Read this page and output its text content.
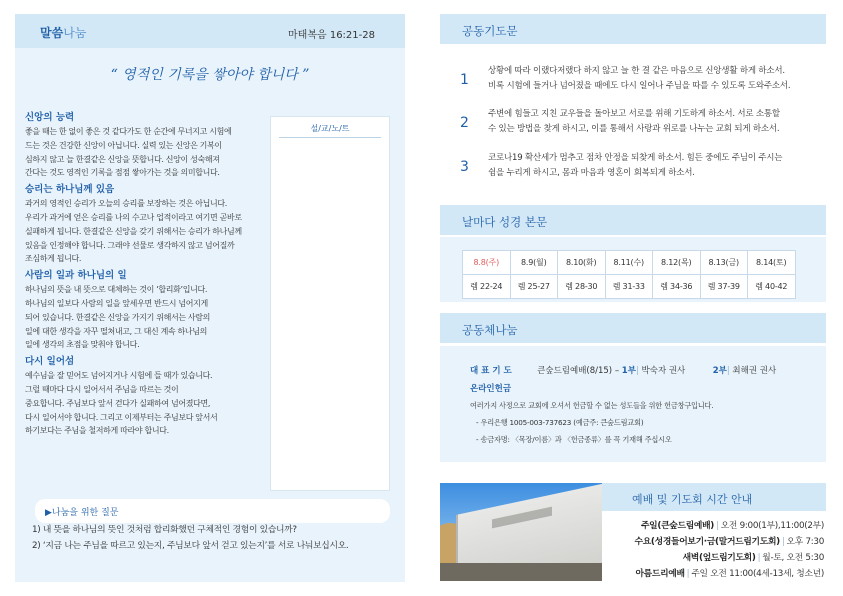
말씀나눔	마태복음 16:21-28
“ 영적인 기록을 쌓아야 합니다 ”
설/교/노/트
▶나눔을 위한 질문
신앙의 능력
좋을 때는 한 없이 좋은 것 같다가도 한 순간에 무너지고 시험에
드는 것은 건강한 신앙이 아닙니다. 실력 있는 신앙은 기복이
심하지 않고 늘 한결같은 신앙을 뜻합니다. 신앙이 성숙해져
간다는 것도 영적인 기록을 점점 쌓아가는 것을 의미합니다.
승리는 하나님께 있음
과거의 영적인 승리가 오늘의 승리를 보장하는 것은 아닙니다.
우리가 과거에 얻은 승리를 나의 수고나 업적이라고 여기면 곧바로
실패하게 됩니다. 한결같은 신앙을 갖기 위해서는 승리가 하나님께
있음을 인정해야 합니다. 그래야 선물로 생각하지 않고 넘어질까
조심하게 됩니다.
사람의 일과 하나님의 일
하나님의 뜻을 내 뜻으로 대체하는 것이 ‘합리화’입니다.
하나님의 일보다 사람의 일을 앞세우면 반드시 넘어지게
되어 있습니다. 한결같은 신앙을 가지기 위해서는 사람의
일에 대한 생각을 자꾸 떨쳐내고, 그 대신 계속 하나님의
일에 생각의 초점을 맞춰야 합니다.
다시 일어섬
예수님을 잘 믿어도 넘어지거나 시험에 들 때가 있습니다.
그럴 때마다 다시 일어서서 주님을 따르는 것이
중요합니다. 주님보다 앞서 걷다가 실패하여 넘어졌다면,
다시 일어서야 합니다. 그리고 이제부터는 주님보다 앞서서
하기보다는 주님을 철저하게 따라야 합니다.
1) 내 뜻을 하나님의 뜻인 것처럼 합리화했던 구체적인 경험이 있습니까?
2) ‘지금 나는 주님을 따르고 있는지, 주님보다 앞서 걷고 있는지’를 서로 나눠보십시오.
공동기도문
1
상황에 따라 이랬다저랬다 하지 않고 늘 한 결 같은 마음으로 신앙생활 하게 하소서.
비록 시험에 들거나 넘어졌을 때에도 다시 일어나 주님을 따를 수 있도록 도와주소서.
2
주변에 힘들고 지친 교우들을 돌아보고 서로를 위해 기도하게 하소서. 서로 소통할
수 있는 방법을 찾게 하시고, 이를 통해서 사랑과 위로를 나누는 교회 되게 하소서.
3
코로나19 확산세가 멈추고 점차 안정을 되찾게 하소서. 힘든 중에도 주님이 주시는
쉼을 누리게 하시고, 몸과 마음과 영혼이 회복되게 하소서.
날마다 성경 본문
8.8(주)	8.9(월)	8.10(화)	8.11(수)	8.12(목)	8.13(금)	8.14(토)
렘 22-24	렘 25-27	렘 28-30	렘 31-33	렘 34-36	렘 37-39	렘 40-42
공동체나눔
대 표 기 도	큰숲드림예배(8/15) – 1부| 박숙자 권사	2부| 최해권 권사
온라인헌금
여러가지 사정으로 교회에 오셔서 헌금할 수 없는 성도들을 위한 헌금창구입니다.
- 우리은행 1005-003-737623 (예금주: 큰숲드림교회)
- 송금자명: 〈목장/이름〉과 〈헌금종류〉를 꼭 기재해 주십시오
예배 및 기도회 시간 안내
주일(큰숲드림예배) | 오전 9:00(1부),11:00(2부)
수요(성경들어보기·금(말거드림기도회) | 오후 7:30
새벽(엎드림기도회) | 월-토, 오전 5:30
아름드리예배 | 주일 오전 11:00(4세-13세, 청소년)
